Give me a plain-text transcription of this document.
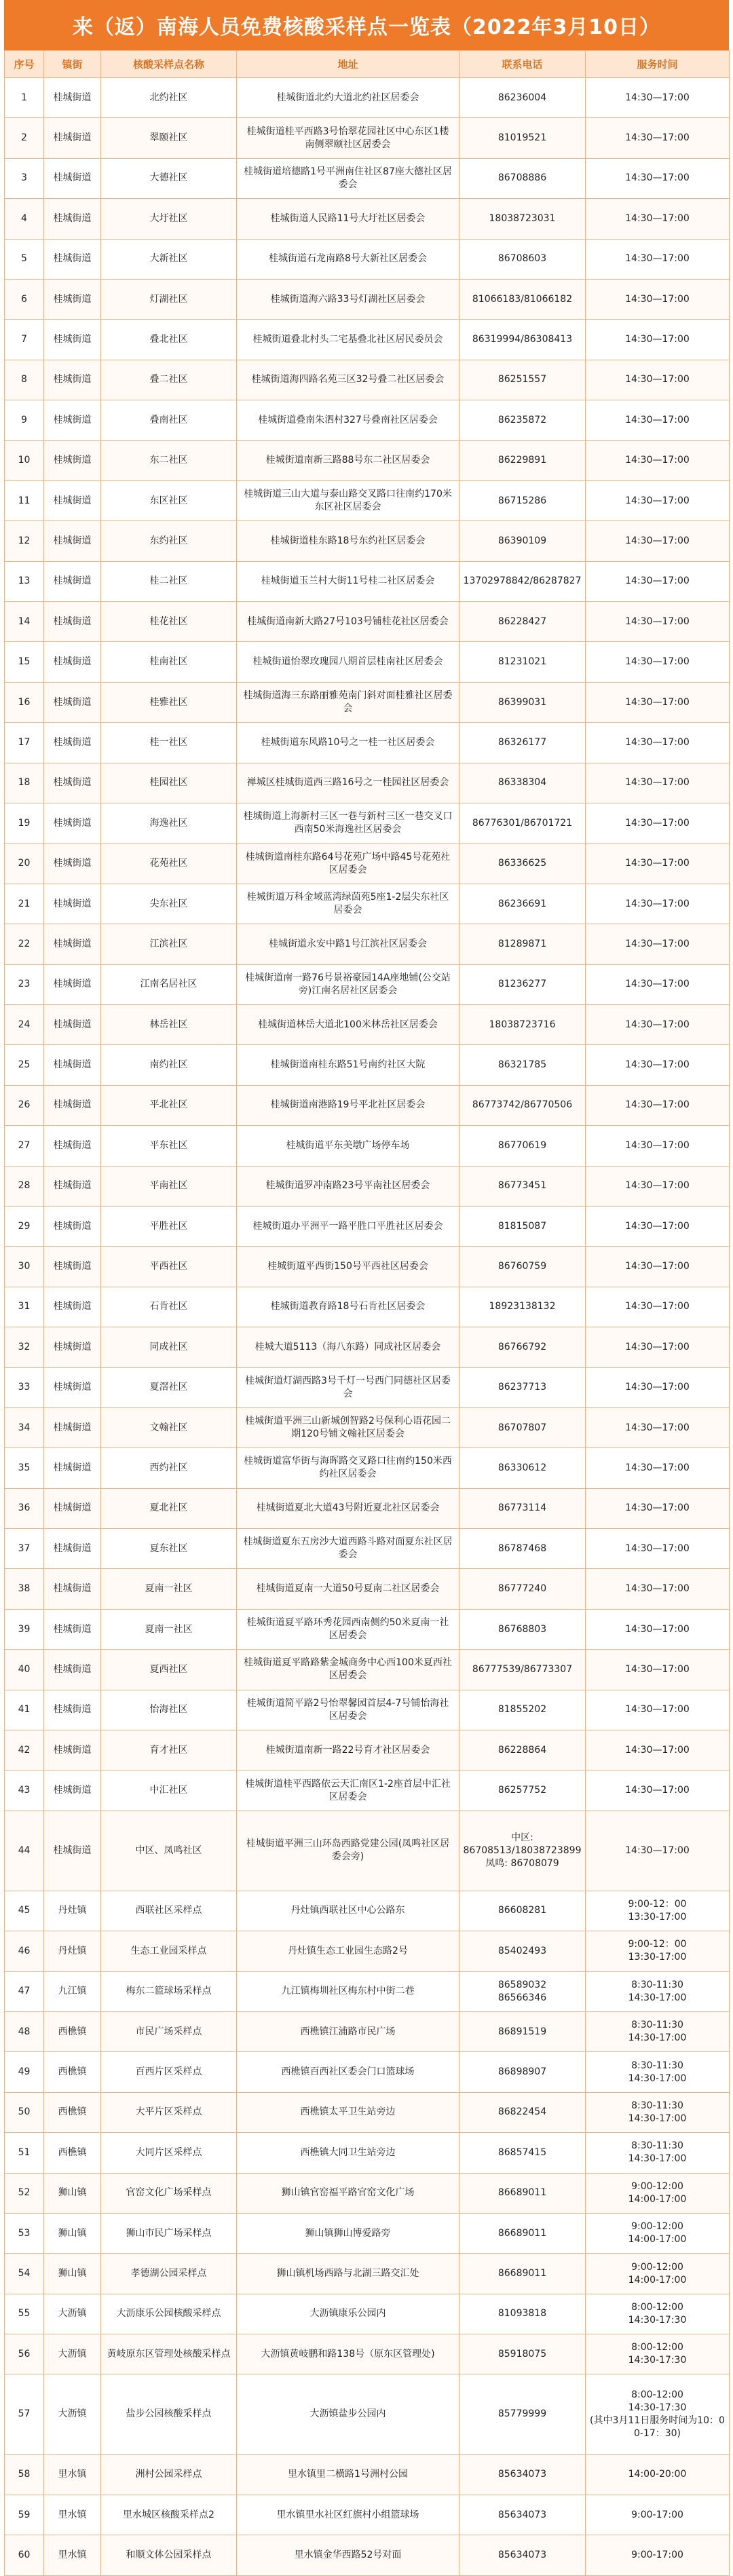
来（返）南海人员免费核酸采样点一览表（2022年3月10日）
序号	镇街	核酸采样点名称	地址	联系电话	服务时间
1	桂城街道	北约社区	桂城街道北约大道北约社区居委会	86236004	14:30—17:00
2	桂城街道	翠颐社区	桂城街道桂平西路3号怡翠花园社区中心东区1楼南侧翠颐社区居委会	81019521	14:30—17:00
3	桂城街道	大德社区	桂城街道培德路1号平洲南住社区87座大德社区居委会	86708886	14:30—17:00
4	桂城街道	大圩社区	桂城街道人民路11号大圩社区居委会	18038723031	14:30—17:00
5	桂城街道	大新社区	桂城街道石龙南路8号大新社区居委会	86708603	14:30—17:00
6	桂城街道	灯湖社区	桂城街道海六路33号灯湖社区居委会	81066183/81066182	14:30—17:00
7	桂城街道	叠北社区	桂城街道叠北村头二宅基叠北社区居民委员会	86319994/86308413	14:30—17:00
8	桂城街道	叠二社区	桂城街道海四路名苑三区32号叠二社区居委会	86251557	14:30—17:00
9	桂城街道	叠南社区	桂城街道叠南朱泗村327号叠南社区居委会	86235872	14:30—17:00
10	桂城街道	东二社区	桂城街道南新三路88号东二社区居委会	86229891	14:30—17:00
11	桂城街道	东区社区	桂城街道三山大道与泰山路交叉路口往南约170米东区社区居委会	86715286	14:30—17:00
12	桂城街道	东约社区	桂城街道桂东路18号东约社区居委会	86390109	14:30—17:00
13	桂城街道	桂二社区	桂城街道玉兰村大街11号桂二社区居委会	13702978842/86287827	14:30—17:00
14	桂城街道	桂花社区	桂城街道南新大路27号103号铺桂花社区居委会	86228427	14:30—17:00
15	桂城街道	桂南社区	桂城街道怡翠玫瑰园八期首层桂南社区居委会	81231021	14:30—17:00
16	桂城街道	桂雅社区	桂城街道海三东路丽雅苑南门斜对面桂雅社区居委会	86399031	14:30—17:00
17	桂城街道	桂一社区	桂城街道东风路10号之一桂一社区居委会	86326177	14:30—17:00
18	桂城街道	桂园社区	禅城区桂城街道西三路16号之一桂园社区居委会	86338304	14:30—17:00
19	桂城街道	海逸社区	桂城街道上海新村三区一巷与新村三区一巷交叉口西南50米海逸社区居委会	86776301/86701721	14:30—17:00
20	桂城街道	花苑社区	桂城街道南桂东路64号花苑广场中路45号花苑社区居委会	86336625	14:30—17:00
21	桂城街道	尖东社区	桂城街道万科金域蓝湾绿茵苑5座1-2层尖东社区居委会	86236691	14:30—17:00
22	桂城街道	江滨社区	桂城街道永安中路1号江滨社区居委会	81289871	14:30—17:00
23	桂城街道	江南名居社区	桂城街道南一路76号景裕豪园14A座地铺(公交站旁)江南名居社区居委会	81236277	14:30—17:00
24	桂城街道	林岳社区	桂城街道林岳大道北100米林岳社区居委会	18038723716	14:30—17:00
25	桂城街道	南约社区	桂城街道南桂东路51号南约社区大院	86321785	14:30—17:00
26	桂城街道	平北社区	桂城街道南港路19号平北社区居委会	86773742/86770506	14:30—17:00
27	桂城街道	平东社区	桂城街道平东美墩广场停车场	86770619	14:30—17:00
28	桂城街道	平南社区	桂城街道罗冲南路23号平南社区居委会	86773451	14:30—17:00
29	桂城街道	平胜社区	桂城街道办平洲平一路平胜口平胜社区居委会	81815087	14:30—17:00
30	桂城街道	平西社区	桂城街道平西街150号平西社区居委会	86760759	14:30—17:00
31	桂城街道	石肯社区	桂城街道教育路18号石肯社区居委会	18923138132	14:30—17:00
32	桂城街道	同成社区	桂城大道5113（海八东路）同成社区居委会	86766792	14:30—17:00
33	桂城街道	夏滘社区	桂城街道灯湖西路3号千灯一号西门同德社区居委会	86237713	14:30—17:00
34	桂城街道	文翰社区	桂城街道平洲三山新城创智路2号保利心语花园二期120号铺文翰社区居委会	86707807	14:30—17:00
35	桂城街道	西约社区	桂城街道富华街与海晖路交叉路口往南约150米西约社区居委会	86330612	14:30—17:00
36	桂城街道	夏北社区	桂城街道夏北大道43号附近夏北社区居委会	86773114	14:30—17:00
37	桂城街道	夏东社区	桂城街道夏东五房沙大道西路斗路对面夏东社区居委会	86787468	14:30—17:00
38	桂城街道	夏南一社区	桂城街道夏南一大道50号夏南二社区居委会	86777240	14:30—17:00
39	桂城街道	夏南一社区	桂城街道夏平路环秀花园西南侧约50米夏南一社区居委会	86768803	14:30—17:00
40	桂城街道	夏西社区	桂城街道夏平路路紫金城商务中心西100米夏西社区居委会	86777539/86773307	14:30—17:00
41	桂城街道	怡海社区	桂城街道简平路2号怡翠馨园首层4-7号铺怡海社区居委会	81855202	14:30—17:00
42	桂城街道	育才社区	桂城街道南新一路22号育才社区居委会	86228864	14:30—17:00
43	桂城街道	中汇社区	桂城街道桂平西路依云天汇南区1-2座首层中汇社区居委会	86257752	14:30—17:00
44	桂城街道	中区、凤鸣社区	桂城街道平洲三山环岛西路党建公园(凤鸣社区居委会旁)	中区:
86708513/18038723899
凤鸣: 86708079	14:30—17:00
45	丹灶镇	西联社区采样点	丹灶镇西联社区中心公路东	86608281	9:00-12：00
13:30-17:00
46	丹灶镇	生态工业园采样点	丹灶镇生态工业园生态路2号	85402493	9:00-12：00
13:30-17:00
47	九江镇	梅东二篮球场采样点	九江镇梅圳社区梅东村中街二巷	86589032
86566346	8:30-11:30
14:30-17:00
48	西樵镇	市民广场采样点	西樵镇江浦路市民广场	86891519	8:30-11:30
14:30-17:00
49	西樵镇	百西片区采样点	西樵镇百西社区委会门口篮球场	86898907	8:30-11:30
14:30-17:00
50	西樵镇	大平片区采样点	西樵镇太平卫生站旁边	86822454	8:30-11:30
14:30-17:00
51	西樵镇	大同片区采样点	西樵镇大同卫生站旁边	86857415	8:30-11:30
14:30-17:00
52	狮山镇	官窑文化广场采样点	狮山镇官窑福平路官窑文化广场	86689011	9:00-12:00
14:00-17:00
53	狮山镇	狮山市民广场采样点	狮山镇狮山博爱路旁	86689011	9:00-12:00
14:00-17:00
54	狮山镇	孝德湖公园采样点	狮山镇机场西路与北湖三路交汇处	86689011	9:00-12:00
14:00-17:00
55	大沥镇	大沥康乐公园核酸采样点	大沥镇康乐公园内	81093818	8:00-12:00
14:30-17:30
56	大沥镇	黄岐原东区管理处核酸采样点	大沥镇黄岐鹏和路138号（原东区管理处)	85918075	8:00-12:00
14:30-17:30
57	大沥镇	盐步公园核酸采样点	大沥镇盐步公园内	85779999	8:00-12:00
14:30-17:30
(其中3月11日服务时间为10：00-17：30)
58	里水镇	洲村公园采样点	里水镇里二横路1号洲村公园	85634073	14:00-20:00
59	里水镇	里水城区核酸采样点2	里水镇里水社区红旗村小组篮球场	85634073	9:00-17:00
60	里水镇	和顺文体公园采样点	里水镇金华西路52号对面	85634073	9:00-17:00
